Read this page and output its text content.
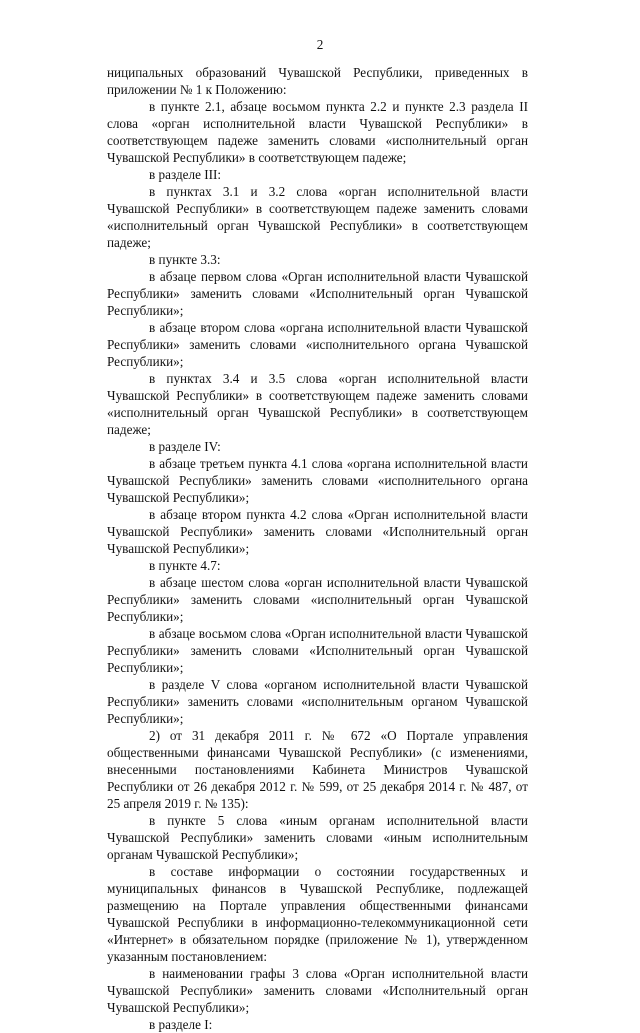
2

ниципальных образований Чувашской Республики, приведенных в приложении № 1 к Положению:

в пункте 2.1, абзаце восьмом пункта 2.2 и пункте 2.3 раздела II слова «орган исполнительной власти Чувашской Республики» в соответствующем падеже заменить словами «исполнительный орган Чувашской Республики» в соответствующем падеже;

в разделе III:

в пунктах 3.1 и 3.2 слова «орган исполнительной власти Чувашской Республики» в соответствующем падеже заменить словами «исполнительный орган Чувашской Республики» в соответствующем падеже;

в пункте 3.3:

в абзаце первом слова «Орган исполнительной власти Чувашской Республики» заменить словами «Исполнительный орган Чувашской Республики»;

в абзаце втором слова «органа исполнительной власти Чувашской Республики» заменить словами «исполнительного органа Чувашской Республики»;

в пунктах 3.4 и 3.5 слова «орган исполнительной власти Чувашской Республики» в соответствующем падеже заменить словами «исполнительный орган Чувашской Республики» в соответствующем падеже;

в разделе IV:

в абзаце третьем пункта 4.1 слова «органа исполнительной власти Чувашской Республики» заменить словами «исполнительного органа Чувашской Республики»;

в абзаце втором пункта 4.2 слова «Орган исполнительной власти Чувашской Республики» заменить словами «Исполнительный орган Чувашской Республики»;

в пункте 4.7:

в абзаце шестом слова «орган исполнительной власти Чувашской Республики» заменить словами «исполнительный орган Чувашской Республики»;

в абзаце восьмом слова «Орган исполнительной власти Чувашской Республики» заменить словами «Исполнительный орган Чувашской Республики»;

в разделе V слова «органом исполнительной власти Чувашской Республики» заменить словами «исполнительным органом Чувашской Республики»;

2) от 31 декабря 2011 г. № 672 «О Портале управления общественными финансами Чувашской Республики» (с изменениями, внесенными постановлениями Кабинета Министров Чувашской Республики от 26 декабря 2012 г. № 599, от 25 декабря 2014 г. № 487, от 25 апреля 2019 г. № 135):

в пункте 5 слова «иным органам исполнительной власти Чувашской Республики» заменить словами «иным исполнительным органам Чувашской Республики»;

в составе информации о состоянии государственных и муниципальных финансов в Чувашской Республике, подлежащей размещению на Портале управления общественными финансами Чувашской Республики в информационно-телекоммуникационной сети «Интернет» в обязательном порядке (приложение № 1), утвержденном указанным постановлением:

в наименовании графы 3 слова «Орган исполнительной власти Чувашской Республики» заменить словами «Исполнительный орган Чувашской Республики»;

в разделе I:
